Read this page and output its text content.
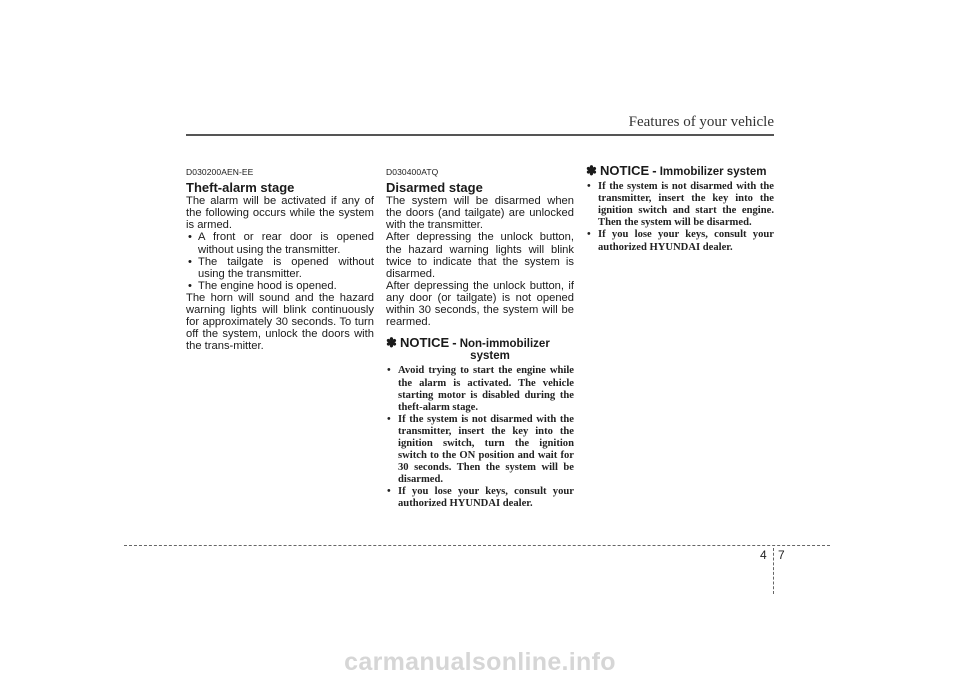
Features of your vehicle
D030200AEN-EE
Theft-alarm stage

The alarm will be activated if any of the following occurs while the system is armed.

• A front or rear door is opened without using the transmitter.
• The tailgate is opened without using the transmitter.
• The engine hood is opened.

The horn will sound and the hazard warning lights will blink continuously for approximately 30 seconds. To turn off the system, unlock the doors with the trans-mitter.

D030400ATQ
Disarmed stage

The system will be disarmed when the doors (and tailgate) are unlocked with the transmitter.

After depressing the unlock button, the hazard warning lights will blink twice to indicate that the system is disarmed.

After depressing the unlock button, if any door (or tailgate) is not opened within 30 seconds, the system will be rearmed.

✽ NOTICE - Non-immobilizer
system
• Avoid trying to start the engine while the alarm is activated. The vehicle starting motor is disabled during the theft-alarm stage.
• If the system is not disarmed with the transmitter, insert the key into the ignition switch, turn the ignition switch to the ON position and wait for 30 seconds. Then the system will be disarmed.
• If you lose your keys, consult your authorized HYUNDAI dealer.
✽ NOTICE - Immobilizer system
• If the system is not disarmed with the transmitter, insert the key into the ignition switch and start the engine. Then the system will be disarmed.
• If you lose your keys, consult your authorized HYUNDAI dealer.
4 7
carmanualsonline.info
